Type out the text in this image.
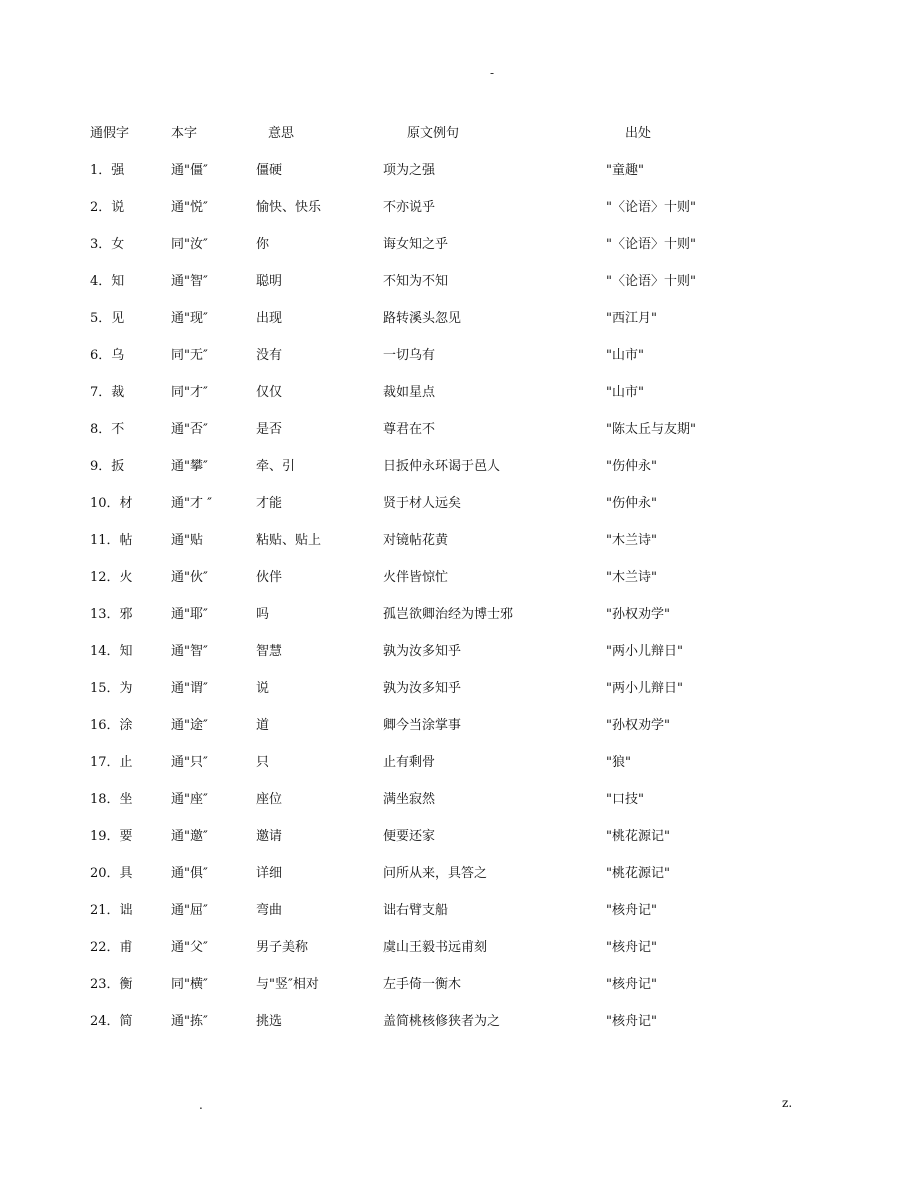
-
通假字	本字	意思	原文例句	出处
1．强	通"僵″	僵硬	项为之强	"童趣"
2．说	通"悦″	愉快、快乐	不亦说乎	"〈论语〉十则"
3．女	同"汝″	你	诲女知之乎	"〈论语〉十则"
4．知	通"智″	聪明	不知为不知	"〈论语〉十则"
5．见	通"现″	出现	路转溪头忽见	"西江月"
6．乌	同"无″	没有	一切乌有	"山市"
7．裁	同"才″	仅仅	裁如星点	"山市"
8．不	通"否″	是否	尊君在不	"陈太丘与友期"
9．扳	通"攀″	牵、引	日扳仲永环谒于邑人	"伤仲永"
10．材	通"才 ″	才能	贤于材人远矣	"伤仲永"
11．帖	通"贴	粘贴、贴上	对镜帖花黄	"木兰诗"
12．火	通"伙″	伙伴	火伴皆惊忙	"木兰诗"
13．邪	通"耶″	吗	孤岂欲卿治经为博士邪	"孙权劝学"
14．知	通"智″	智慧	孰为汝多知乎	"两小儿辩日"
15．为	通"谓″	说	孰为汝多知乎	"两小儿辩日"
16．涂	通"途″	道	卿今当涂掌事	"孙权劝学"
17．止	通"只″	只	止有剩骨	"狼"
18．坐	通"座″	座位	满坐寂然	"口技"
19．要	通"邀″	邀请	便要还家	"桃花源记"
20．具	通"俱″	详细	问所从来，具答之	"桃花源记"
21．诎	通"屈″	弯曲	诎右臂支船	"核舟记"
22．甫	通"父″	男子美称	虞山王毅书远甫刻	"核舟记"
23．衡	同"横″	与"竖″相对	左手倚一衡木	"核舟记"
24．简	通"拣″	挑选	盖简桃核修狭者为之	"核舟记"
.	z.
